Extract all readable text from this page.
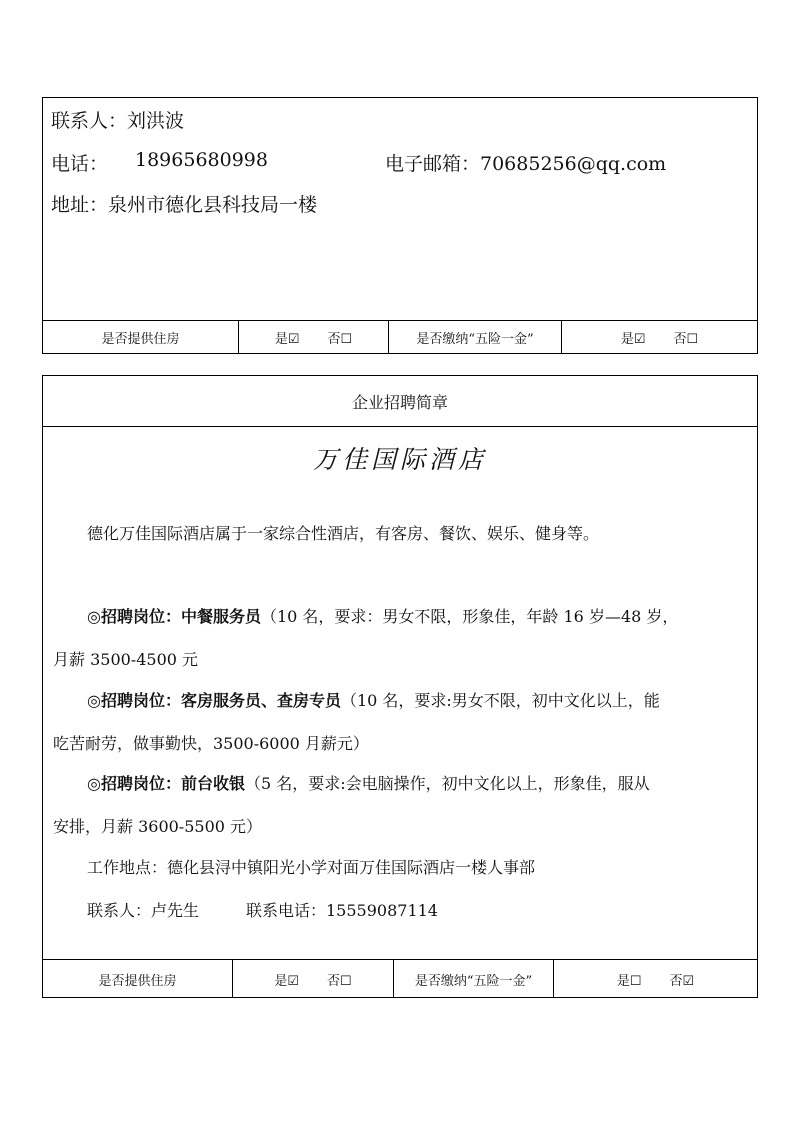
联系人：刘洪波
电话： 18965680998	电子邮箱：70685256@qq.com
地址：泉州市德化县科技局一楼
是否提供住房	是☑ 否☐	是否缴纳“五险一金”	是☑ 否☐
企业招聘简章
万佳国际酒店
德化万佳国际酒店属于一家综合性酒店，有客房、餐饮、娱乐、健身等。
◎招聘岗位：中餐服务员（10 名，要求：男女不限，形象佳，年龄 16 岁—48 岁，
月薪 3500-4500 元
◎招聘岗位：客房服务员、查房专员（10 名，要求:男女不限，初中文化以上，能
吃苦耐劳，做事勤快，3500-6000 月薪元）
◎招聘岗位：前台收银（5 名，要求:会电脑操作，初中文化以上，形象佳，服从
安排，月薪 3600-5500 元）
工作地点：德化县浔中镇阳光小学对面万佳国际酒店一楼人事部
联系人：卢先生	联系电话：15559087114
是否提供住房	是☑ 否☐	是否缴纳“五险一金”	是☐ 否☑
